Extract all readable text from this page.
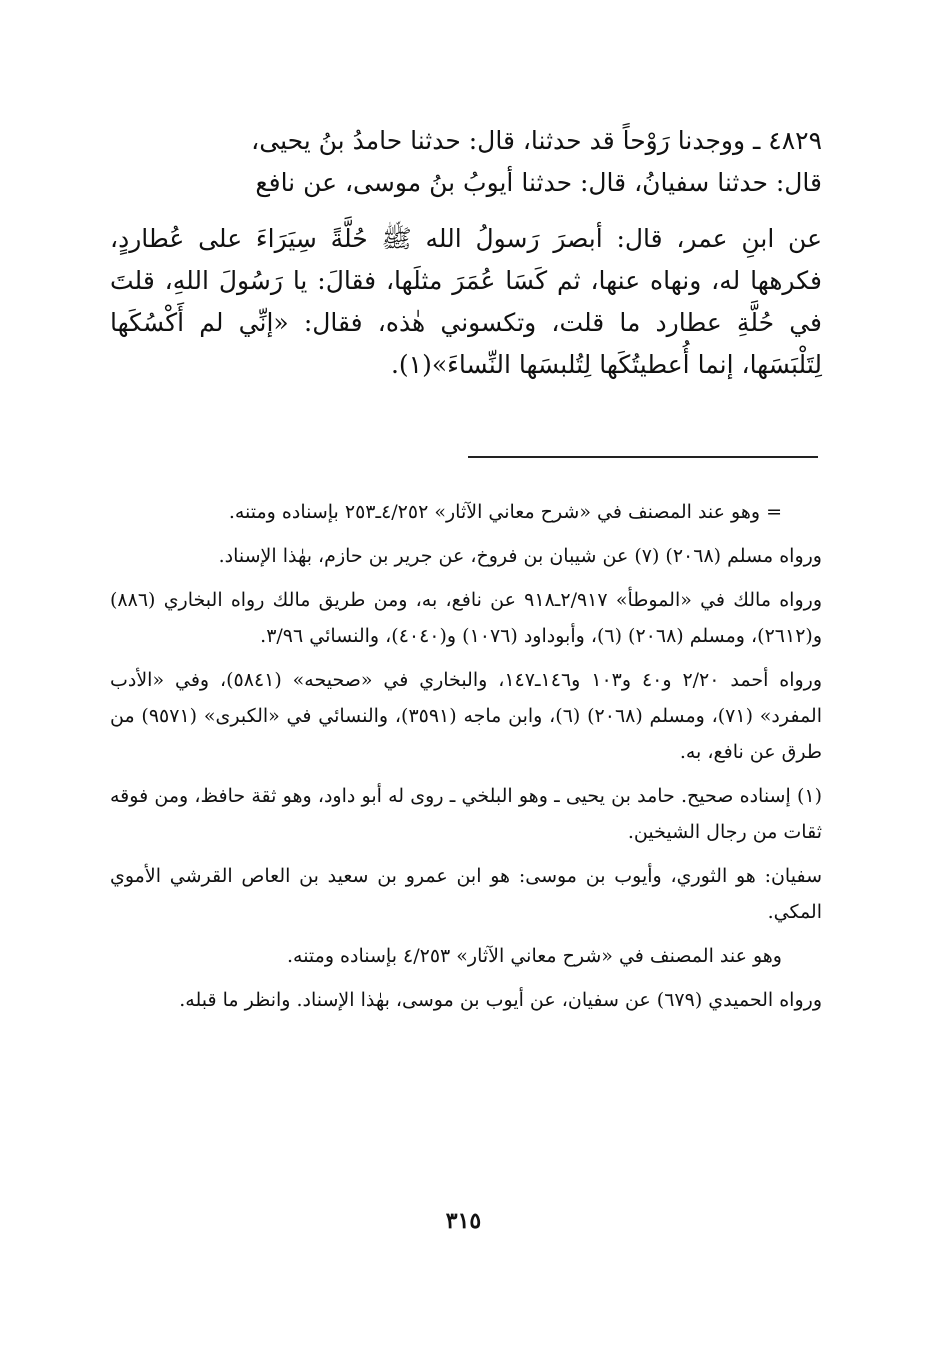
٤٨٢٩ ـ ووجدنا رَوْحاً قد حدثنا، قال: حدثنا حامدُ بنُ يحيى،

قال: حدثنا سفيانُ، قال: حدثنا أيوبُ بنُ موسى، عن نافع

عن ابنِ عمر، قال: أبصرَ رَسولُ الله ﷺ حُلَّةً سِيَرَاءَ على عُطاردٍ، فكرهها له، ونهاه عنها، ثم كَسَا عُمَرَ مثلَها، فقالَ: يا رَسُولَ اللهِ، قلتَ في حُلَّةِ عطارد ما قلت، وتكسوني هٰذه، فقال: «إنِّي لم أَكْسُكَها لِتَلْبَسَها، إنما أُعطيتُكَها لِتُلبسَها النِّساءَ»(١).

= وهو عند المصنف في «شرح معاني الآثار» ٤/٢٥٢ـ٢٥٣ بإسناده ومتنه.

ورواه مسلم (٢٠٦٨) (٧) عن شيبان بن فروخ، عن جرير بن حازم، بهٰذا الإسناد.

ورواه مالك في «الموطأ» ٢/٩١٧ـ٩١٨ عن نافع، به، ومن طريق مالك رواه البخاري (٨٨٦) و(٢٦١٢)، ومسلم (٢٠٦٨) (٦)، وأبوداود (١٠٧٦) و(٤٠٤٠)، والنسائي ٣/٩٦.

ورواه أحمد ٢/٢٠ و٤٠ و١٠٣ و١٤٦ـ١٤٧، والبخاري في «صحيحه» (٥٨٤١)، وفي «الأدب المفرد» (٧١)، ومسلم (٢٠٦٨) (٦)، وابن ماجه (٣٥٩١)، والنسائي في «الكبرى» (٩٥٧١) من طرق عن نافع، به.

(١) إسناده صحيح. حامد بن يحيى ـ وهو البلخي ـ روى له أبو داود، وهو ثقة حافظ، ومن فوقه ثقات من رجال الشيخين.

سفيان: هو الثوري، وأيوب بن موسى: هو ابن عمرو بن سعيد بن العاص القرشي الأموي المكي.

وهو عند المصنف في «شرح معاني الآثار» ٤/٢٥٣ بإسناده ومتنه.

ورواه الحميدي (٦٧٩) عن سفيان، عن أيوب بن موسى، بهٰذا الإسناد. وانظر ما قبله.

٣١٥
